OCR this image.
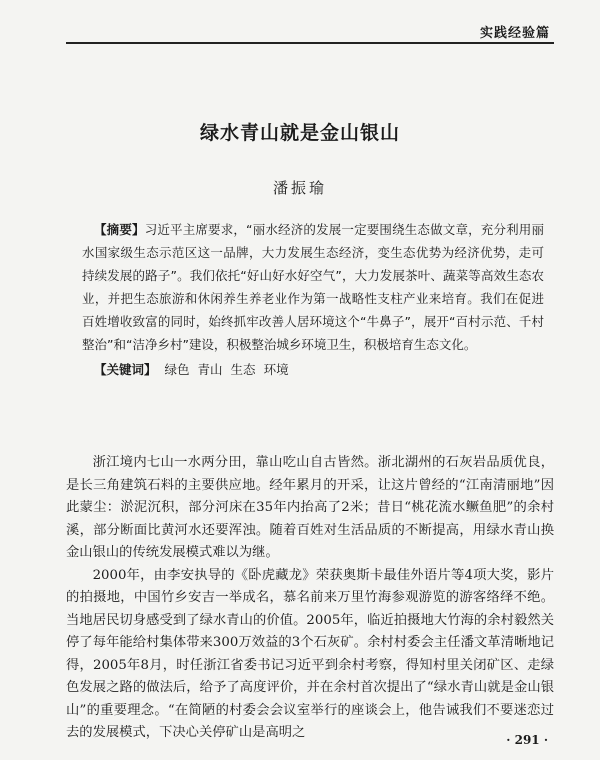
实践经验篇
绿水青山就是金山银山
潘振瑜

【摘要】习近平主席要求，“丽水经济的发展一定要围绕生态做文章，充分利用丽水国家级生态示范区这一品牌，大力发展生态经济，变生态优势为经济优势，走可持续发展的路子”。我们依托“好山好水好空气”，大力发展茶叶、蔬菜等高效生态农业，并把生态旅游和休闲养生养老业作为第一战略性支柱产业来培育。我们在促进百姓增收致富的同时，始终抓牢改善人居环境这个“牛鼻子”，展开“百村示范、千村整治”和“洁净乡村”建设，积极整治城乡环境卫生，积极培育生态文化。

【关键词】 绿色 青山 生态 环境

浙江境内七山一水两分田，靠山吃山自古皆然。浙北湖州的石灰岩品质优良，是长三角建筑石料的主要供应地。经年累月的开采，让这片曾经的“江南清丽地”因此蒙尘：淤泥沉积，部分河床在35年内抬高了2米；昔日“桃花流水鳜鱼肥”的余村溪，部分断面比黄河水还要浑浊。随着百姓对生活品质的不断提高，用绿水青山换金山银山的传统发展模式难以为继。

2000年，由李安执导的《卧虎藏龙》荣获奥斯卡最佳外语片等4项大奖，影片的拍摄地，中国竹乡安吉一举成名，慕名前来万里竹海参观游览的游客络绎不绝。当地居民切身感受到了绿水青山的价值。2005年，临近拍摄地大竹海的余村毅然关停了每年能给村集体带来300万效益的3个石灰矿。余村村委会主任潘文革清晰地记得，2005年8月，时任浙江省委书记习近平到余村考察，得知村里关闭矿区、走绿色发展之路的做法后，给予了高度评价，并在余村首次提出了“绿水青山就是金山银山”的重要理念。“在简陋的村委会会议室举行的座谈会上，他告诫我们不要迷恋过去的发展模式，下决心关停矿山是高明之	· 291 ·
